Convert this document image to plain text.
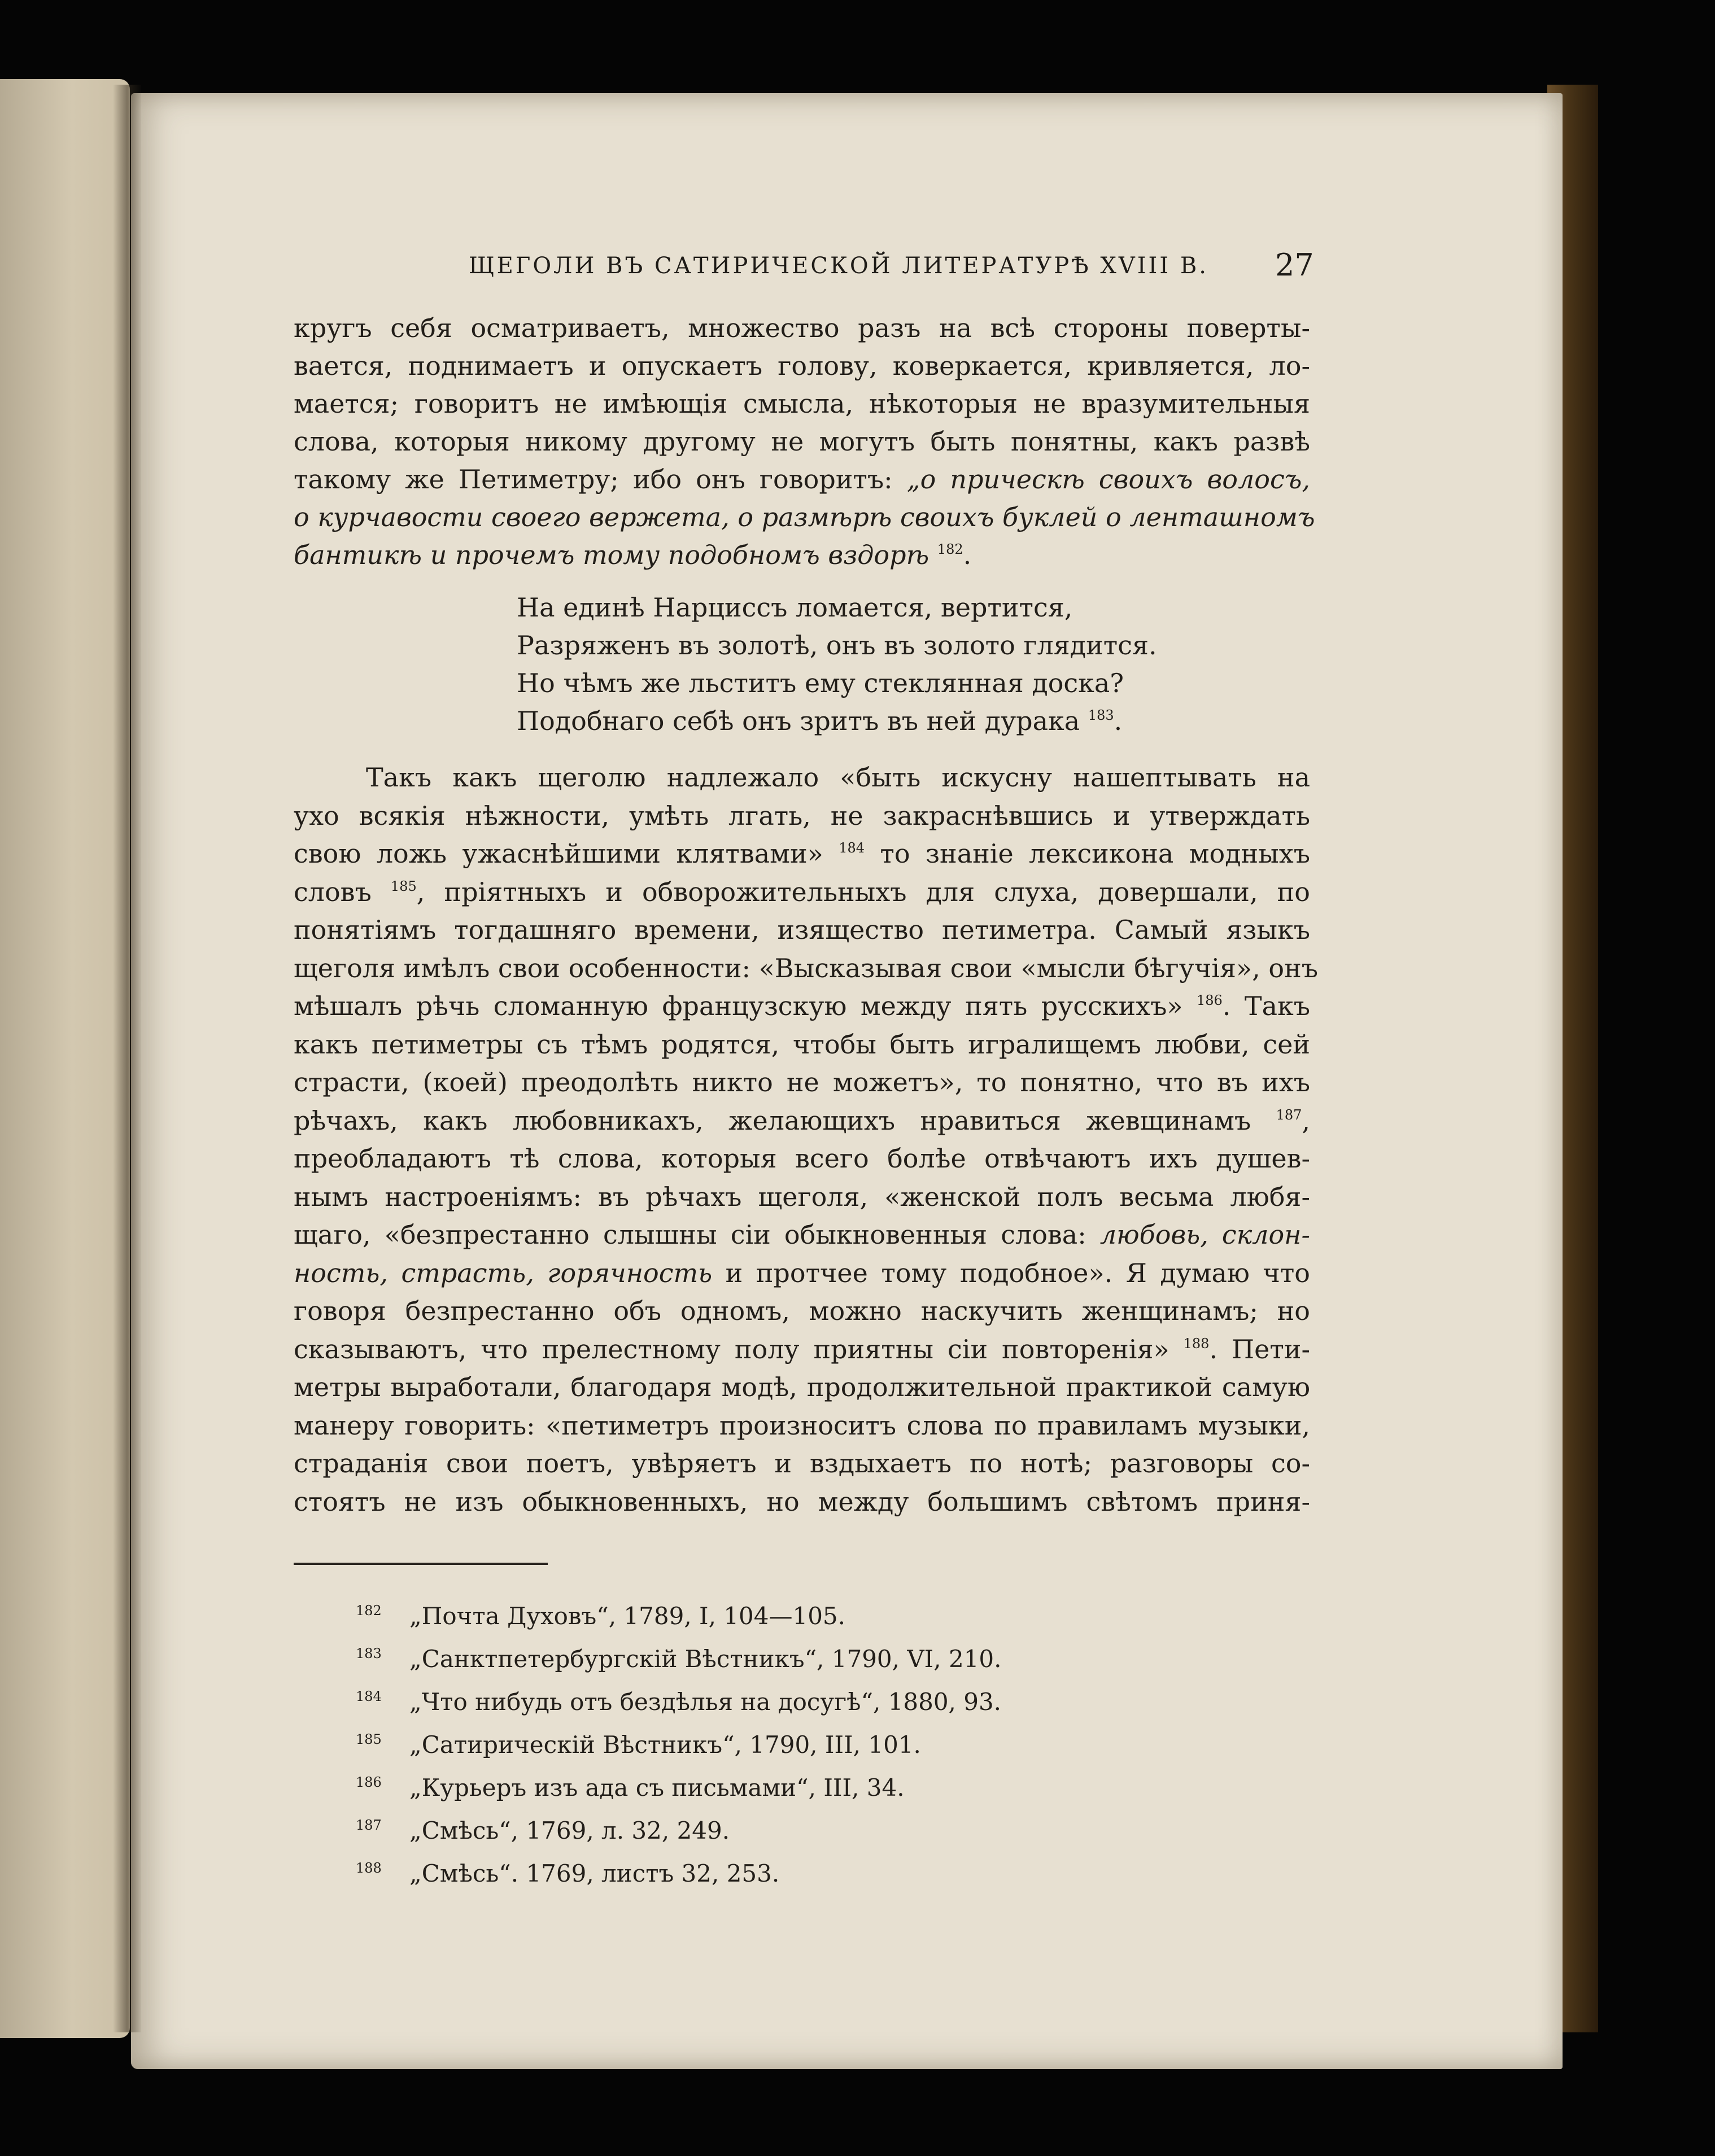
ЩЕГОЛИ ВЪ САТИРИЧЕСКОЙ ЛИТЕРАТУРѢ XVIII В.	27
кругъ себя осматриваетъ, множество разъ на всѣ стороны поверты-
вается, поднимаетъ и опускаетъ голову, коверкается, кривляется, ло-
мается; говоритъ не имѣющія смысла, нѣкоторыя не вразумительныя
слова, которыя никому другому не могутъ быть понятны, какъ развѣ
такому же Петиметру; ибо онъ говоритъ: „о прическѣ своихъ волосъ,
о курчавости своего вержета, о размѣрѣ своихъ буклей о ленташномъ
бантикѣ и прочемъ тому подобномъ вздорѣ $^{182}$.
На единѣ Нарциссъ ломается, вертится,
Разряженъ въ золотѣ, онъ въ золото глядится.
Но чѣмъ же льститъ ему стеклянная доска?
Подобнаго себѣ онъ зритъ въ ней дурака $^{183}$.
Такъ какъ щеголю надлежало «быть искусну нашептывать на
ухо всякія нѣжности, умѣть лгать, не закраснѣвшись и утверждать
свою ложь ужаснѣйшими клятвами» $^{184}$ то знаніе лексикона модныхъ
словъ $^{185}$, пріятныхъ и обворожительныхъ для слуха, довершали, по
понятіямъ тогдашняго времени, изящество петиметра. Самый языкъ
щеголя имѣлъ свои особенности: «Высказывая свои «мысли бѣгучія», онъ
мѣшалъ рѣчь сломанную французскую между пять русскихъ» $^{186}$. Такъ
какъ петиметры съ тѣмъ родятся, чтобы быть игралищемъ любви, сей
страсти, (коей) преодолѣть никто не можетъ», то понятно, что въ ихъ
рѣчахъ, какъ любовникахъ, желающихъ нравиться жевщинамъ $^{187}$,
преобладаютъ тѣ слова, которыя всего болѣе отвѣчаютъ ихъ душев-
нымъ настроеніямъ: въ рѣчахъ щеголя, «женской полъ весьма любя-
щаго, «безпрестанно слышны сіи обыкновенныя слова: любовь, склон-
ность, страсть, горячность и протчее тому подобное». Я думаю что
говоря безпрестанно объ одномъ, можно наскучить женщинамъ; но
сказываютъ, что прелестному полу приятны сіи повторенія» $^{188}$. Пети-
метры выработали, благодаря модѣ, продолжительной практикой самую
манеру говорить: «петиметръ произноситъ слова по правиламъ музыки,
страданія свои поетъ, увѣряетъ и вздыхаетъ по нотѣ; разговоры со-
стоятъ не изъ обыкновенныхъ, но между большимъ свѣтомъ приня-
182 „Почта Духовъ“, 1789, I, 104—105.
183 „Санктпетербургскій Вѣстникъ“, 1790, VI, 210.
184 „Что нибудь отъ бездѣлья на досугѣ“, 1880, 93.
185 „Сатирическій Вѣстникъ“, 1790, III, 101.
186 „Курьеръ изъ ада съ письмами“, III, 34.
187 „Смѣсь“, 1769, л. 32, 249.
188 „Смѣсь“. 1769, листъ 32, 253.
